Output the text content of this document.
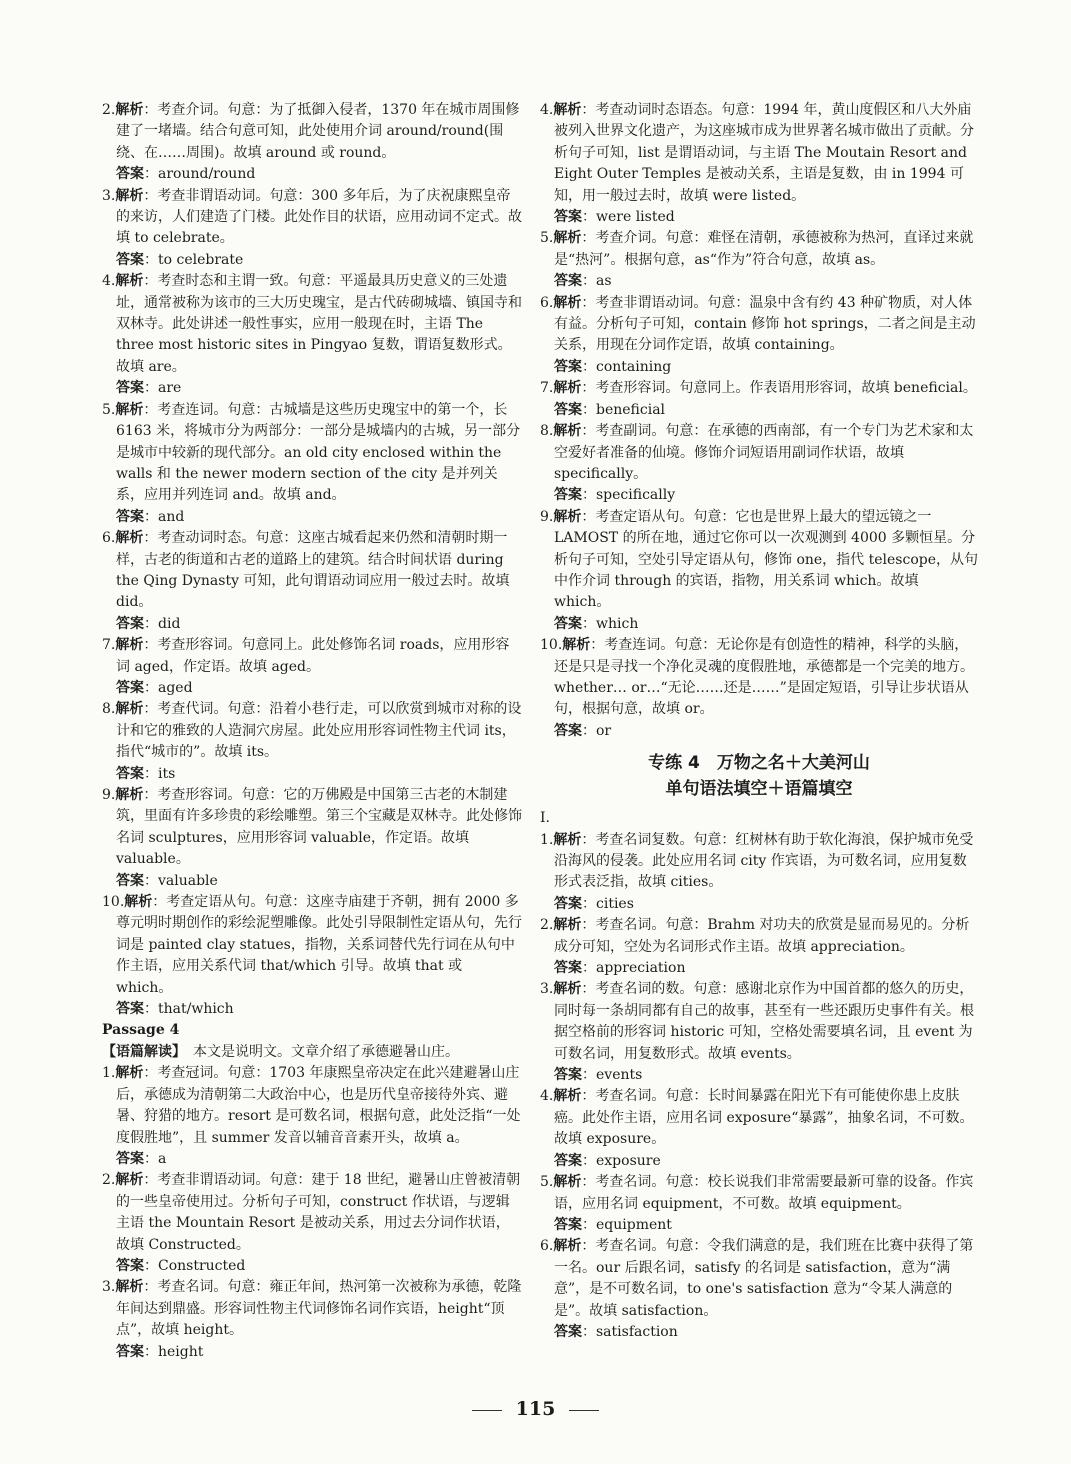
2.解析：考查介词。句意：为了抵御入侵者，1370 年在城市周围修建了一堵墙。结合句意可知，此处使用介词 around/round(围绕、在……周围)。故填 around 或 round。

答案：around/round

3.解析：考查非谓语动词。句意：300 多年后，为了庆祝康熙皇帝的来访，人们建造了门楼。此处作目的状语，应用动词不定式。故填 to celebrate。

答案：to celebrate

4.解析：考查时态和主谓一致。句意：平遥最具历史意义的三处遗址，通常被称为该市的三大历史瑰宝，是古代砖砌城墙、镇国寺和双林寺。此处讲述一般性事实，应用一般现在时，主语 The three most historic sites in Pingyao 复数，谓语复数形式。故填 are。

答案：are

5.解析：考查连词。句意：古城墙是这些历史瑰宝中的第一个，长 6163 米，将城市分为两部分：一部分是城墙内的古城，另一部分是城市中较新的现代部分。an old city enclosed within the walls 和 the newer modern section of the city 是并列关系，应用并列连词 and。故填 and。

答案：and

6.解析：考查动词时态。句意：这座古城看起来仍然和清朝时期一样，古老的街道和古老的道路上的建筑。结合时间状语 during the Qing Dynasty 可知，此句谓语动词应用一般过去时。故填 did。

答案：did

7.解析：考查形容词。句意同上。此处修饰名词 roads，应用形容词 aged，作定语。故填 aged。

答案：aged

8.解析：考查代词。句意：沿着小巷行走，可以欣赏到城市对称的设计和它的雅致的人造洞穴房屋。此处应用形容词性物主代词 its，指代“城市的”。故填 its。

答案：its

9.解析：考查形容词。句意：它的万佛殿是中国第三古老的木制建筑，里面有许多珍贵的彩绘雕塑。第三个宝藏是双林寺。此处修饰名词 sculptures，应用形容词 valuable，作定语。故填 valuable。

答案：valuable

10.解析：考查定语从句。句意：这座寺庙建于齐朝，拥有 2000 多尊元明时期创作的彩绘泥塑雕像。此处引导限制性定语从句，先行词是 painted clay statues，指物，关系词替代先行词在从句中作主语，应用关系代词 that/which 引导。故填 that 或 which。

答案：that/which

Passage 4

【语篇解读】　 本文是说明文。文章介绍了承德避暑山庄。

1.解析：考查冠词。句意：1703 年康熙皇帝决定在此兴建避暑山庄后，承德成为清朝第二大政治中心，也是历代皇帝接待外宾、避暑、狩猎的地方。resort 是可数名词，根据句意，此处泛指“一处度假胜地”，且 summer 发音以辅音音素开头，故填 a。

答案：a

2.解析：考查非谓语动词。句意：建于 18 世纪，避暑山庄曾被清朝的一些皇帝使用过。分析句子可知，construct 作状语，与逻辑主语 the Mountain Resort 是被动关系，用过去分词作状语，故填 Constructed。

答案：Constructed

3.解析：考查名词。句意：雍正年间，热河第一次被称为承德，乾隆年间达到鼎盛。形容词性物主代词修饰名词作宾语，height“顶点”，故填 height。

答案：height

4.解析：考查动词时态语态。句意：1994 年，黄山度假区和八大外庙被列入世界文化遗产，为这座城市成为世界著名城市做出了贡献。分析句子可知，list 是谓语动词，与主语 The Moutain Resort and Eight Outer Temples 是被动关系，主语是复数，由 in 1994 可知，用一般过去时，故填 were listed。

答案：were listed

5.解析：考查介词。句意：难怪在清朝，承德被称为热河，直译过来就是“热河”。根据句意，as“作为”符合句意，故填 as。

答案：as

6.解析：考查非谓语动词。句意：温泉中含有约 43 种矿物质，对人体有益。分析句子可知，contain 修饰 hot springs，二者之间是主动关系，用现在分词作定语，故填 containing。

答案：containing

7.解析：考查形容词。句意同上。作表语用形容词，故填 beneficial。

答案：beneficial

8.解析：考查副词。句意：在承德的西南部，有一个专门为艺术家和太空爱好者准备的仙境。修饰介词短语用副词作状语，故填 specifically。

答案：specifically

9.解析：考查定语从句。句意：它也是世界上最大的望远镜之一 LAMOST 的所在地，通过它你可以一次观测到 4000 多颗恒星。分析句子可知，空处引导定语从句，修饰 one，指代 telescope，从句中作介词 through 的宾语，指物，用关系词 which。故填 which。

答案：which

10.解析：考查连词。句意：无论你是有创造性的精神，科学的头脑，还是只是寻找一个净化灵魂的度假胜地，承德都是一个完美的地方。whether… or…“无论……还是……”是固定短语，引导让步状语从句，根据句意，故填 or。

答案：or

专练 4　万物之名＋大美河山
单句语法填空＋语篇填空

Ⅰ.

1.解析：考查名词复数。句意：红树林有助于软化海浪，保护城市免受沿海风的侵袭。此处应用名词 city 作宾语，为可数名词，应用复数形式表泛指，故填 cities。

答案：cities

2.解析：考查名词。句意：Brahm 对功夫的欣赏是显而易见的。分析成分可知，空处为名词形式作主语。故填 appreciation。

答案：appreciation

3.解析：考查名词的数。句意：感谢北京作为中国首都的悠久的历史，同时每一条胡同都有自己的故事，甚至有一些还跟历史事件有关。根据空格前的形容词 historic 可知，空格处需要填名词，且 event 为可数名词，用复数形式。故填 events。

答案：events

4.解析：考查名词。句意：长时间暴露在阳光下有可能使你患上皮肤癌。此处作主语，应用名词 exposure“暴露”，抽象名词，不可数。故填 exposure。

答案：exposure

5.解析：考查名词。句意：校长说我们非常需要最新可靠的设备。作宾语，应用名词 equipment，不可数。故填 equipment。

答案：equipment

6.解析：考查名词。句意：令我们满意的是，我们班在比赛中获得了第一名。our 后跟名词，satisfy 的名词是 satisfaction，意为“满意”，是不可数名词，to one's satisfaction 意为“令某人满意的是”。故填 satisfaction。

答案：satisfaction

115
